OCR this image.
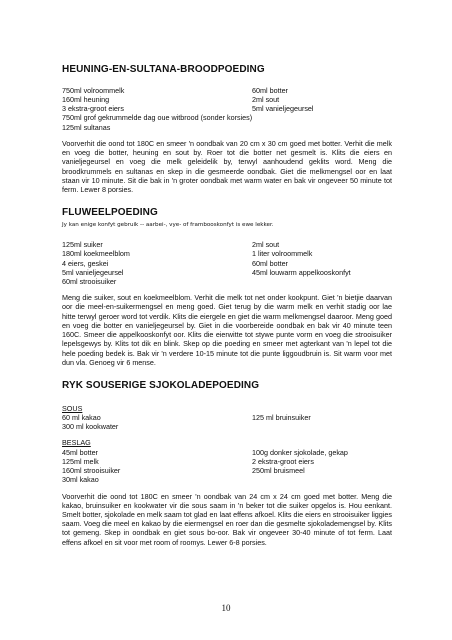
HEUNING-EN-SULTANA-BROODPOEDING
750ml volroommelk	60ml botter
160ml heuning	2ml sout
3 ekstra-groot eiers	5ml vanieljegeursel
750ml grof gekrummelde dag oue witbrood (sonder korsies)
125ml sultanas

Voorverhit die oond tot 180C en smeer 'n oondbak van 20 cm x 30 cm goed met botter. Verhit die melk en voeg die botter, heuning en sout by. Roer tot die botter net gesmelt is. Klits die eiers en vanieljegeursel en voeg die melk geleidelik by, terwyl aanhoudend geklits word. Meng die broodkrummels en sultanas en skep in die gesmeerde oondbak. Giet die melkmengsel oor en laat staan vir 10 minute. Sit die bak in 'n groter oondbak met warm water en bak vir ongeveer 50 minute tot ferm. Lewer 8 porsies.

FLUWEELPOEDING
Jy kan enige konfyt gebruik -- aarbei-, vye- of frambooskonfyt is ewe lekker.
125ml suiker	2ml sout
180ml koekmeelblom	1 liter volroommelk
4 eiers, geskei	60ml botter
5ml vanieljegeursel	45ml louwarm appelkooskonfyt
60ml strooisuiker

Meng die suiker, sout en koekmeelblom. Verhit die melk tot net onder kookpunt. Giet 'n bietjie daarvan oor die meel-en-suikermengsel en meng goed. Giet terug by die warm melk en verhit stadig oor lae hitte terwyl geroer word tot verdik. Klits die eiergele en giet die warm melkmengsel daaroor. Meng goed en voeg die botter en vanieljegeursel by. Giet in die voorbereide oondbak en bak vir 40 minute teen 160C. Smeer die appelkooskonfyt oor. Klits die eierwitte tot stywe punte vorm en voeg die strooisuiker lepelsgewys by. Klits tot dik en blink. Skep op die poeding en smeer met agterkant van 'n lepel tot die hele poeding bedek is. Bak vir 'n verdere 10-15 minute tot die punte liggoudbruin is. Sit warm voor met dun vla. Genoeg vir 6 mense.

RYK SOUSERIGE SJOKOLADEPOEDING
SOUS
60 ml kakao	125 ml bruinsuiker
300 ml kookwater
BESLAG
45ml botter	100g donker sjokolade, gekap
125ml melk	2 ekstra-groot eiers
160ml strooisuiker	250ml bruismeel
30ml kakao

Voorverhit die oond tot 180C en smeer 'n oondbak van 24 cm x 24 cm goed met botter. Meng die kakao, bruinsuiker en kookwater vir die sous saam in 'n beker tot die suiker opgelos is. Hou eenkant. Smelt botter, sjokolade en melk saam tot glad en laat effens afkoel. Klits die eiers en strooisuiker liggies saam. Voeg die meel en kakao by die eiermengsel en roer dan die gesmelte sjokolademengsel by. Klits tot gemeng. Skep in oondbak en giet sous bo-oor. Bak vir ongeveer 30-40 minute of tot ferm. Laat effens afkoel en sit voor met room of roomys. Lewer 6-8 porsies.

10
